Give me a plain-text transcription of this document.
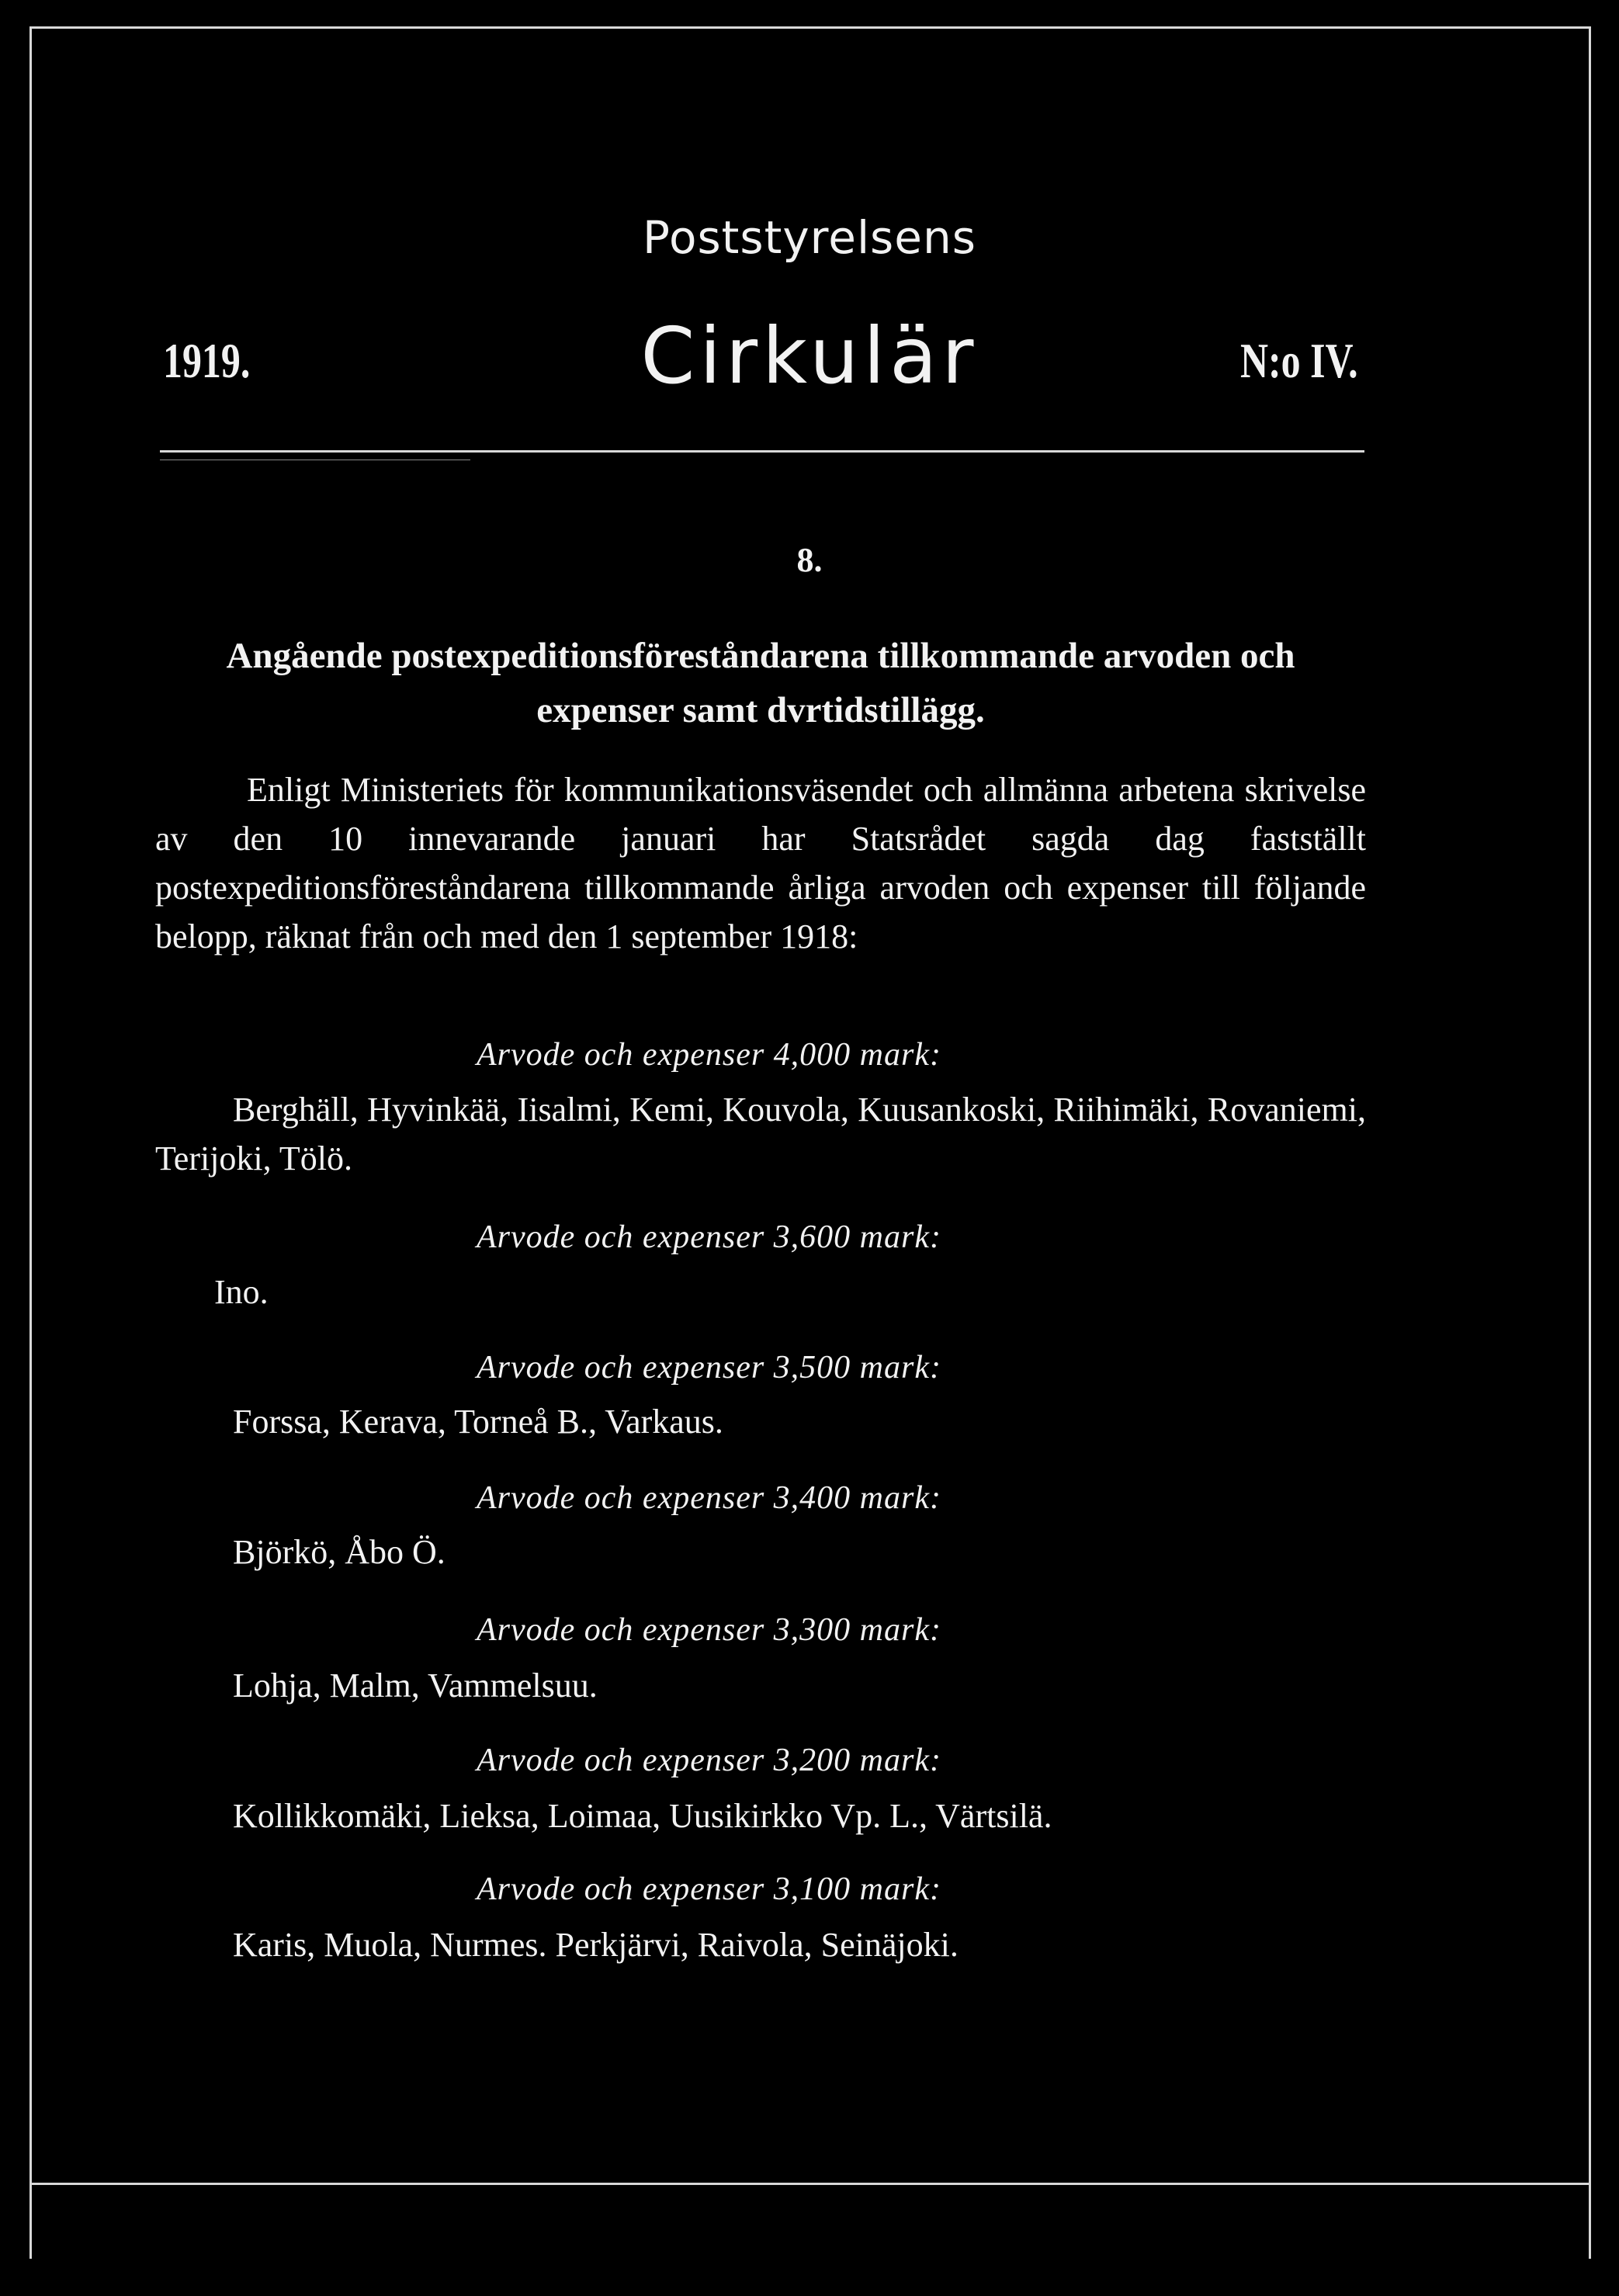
Poststyrelsens
Cirkulär
1919.	N:o IV.
8.
Angående postexpeditionsföreståndarena tillkommande arvoden och expenser samt dvrtidstillägg.
Enligt Ministeriets för kommunikationsväsendet och allmänna arbetena skrivelse av den 10 innevarande januari har Statsrådet sagda dag fastställt postexpeditionsföreståndarena tillkommande årliga arvoden och expenser till följande belopp, räknat från och med den 1 september 1918:
Arvode och expenser 4,000 mark:
Berghäll, Hyvinkää, Iisalmi, Kemi, Kouvola, Kuusankoski, Riihimäki, Rovaniemi, Terijoki, Tölö.
Arvode och expenser 3,600 mark:
Ino.
Arvode och expenser 3,500 mark:
Forssa, Kerava, Torneå B., Varkaus.
Arvode och expenser 3,400 mark:
Björkö, Åbo Ö.
Arvode och expenser 3,300 mark:
Lohja, Malm, Vammelsuu.
Arvode och expenser 3,200 mark:
Kollikkomäki, Lieksa, Loimaa, Uusikirkko Vp. L., Värtsilä.
Arvode och expenser 3,100 mark:
Karis, Muola, Nurmes. Perkjärvi, Raivola, Seinäjoki.
